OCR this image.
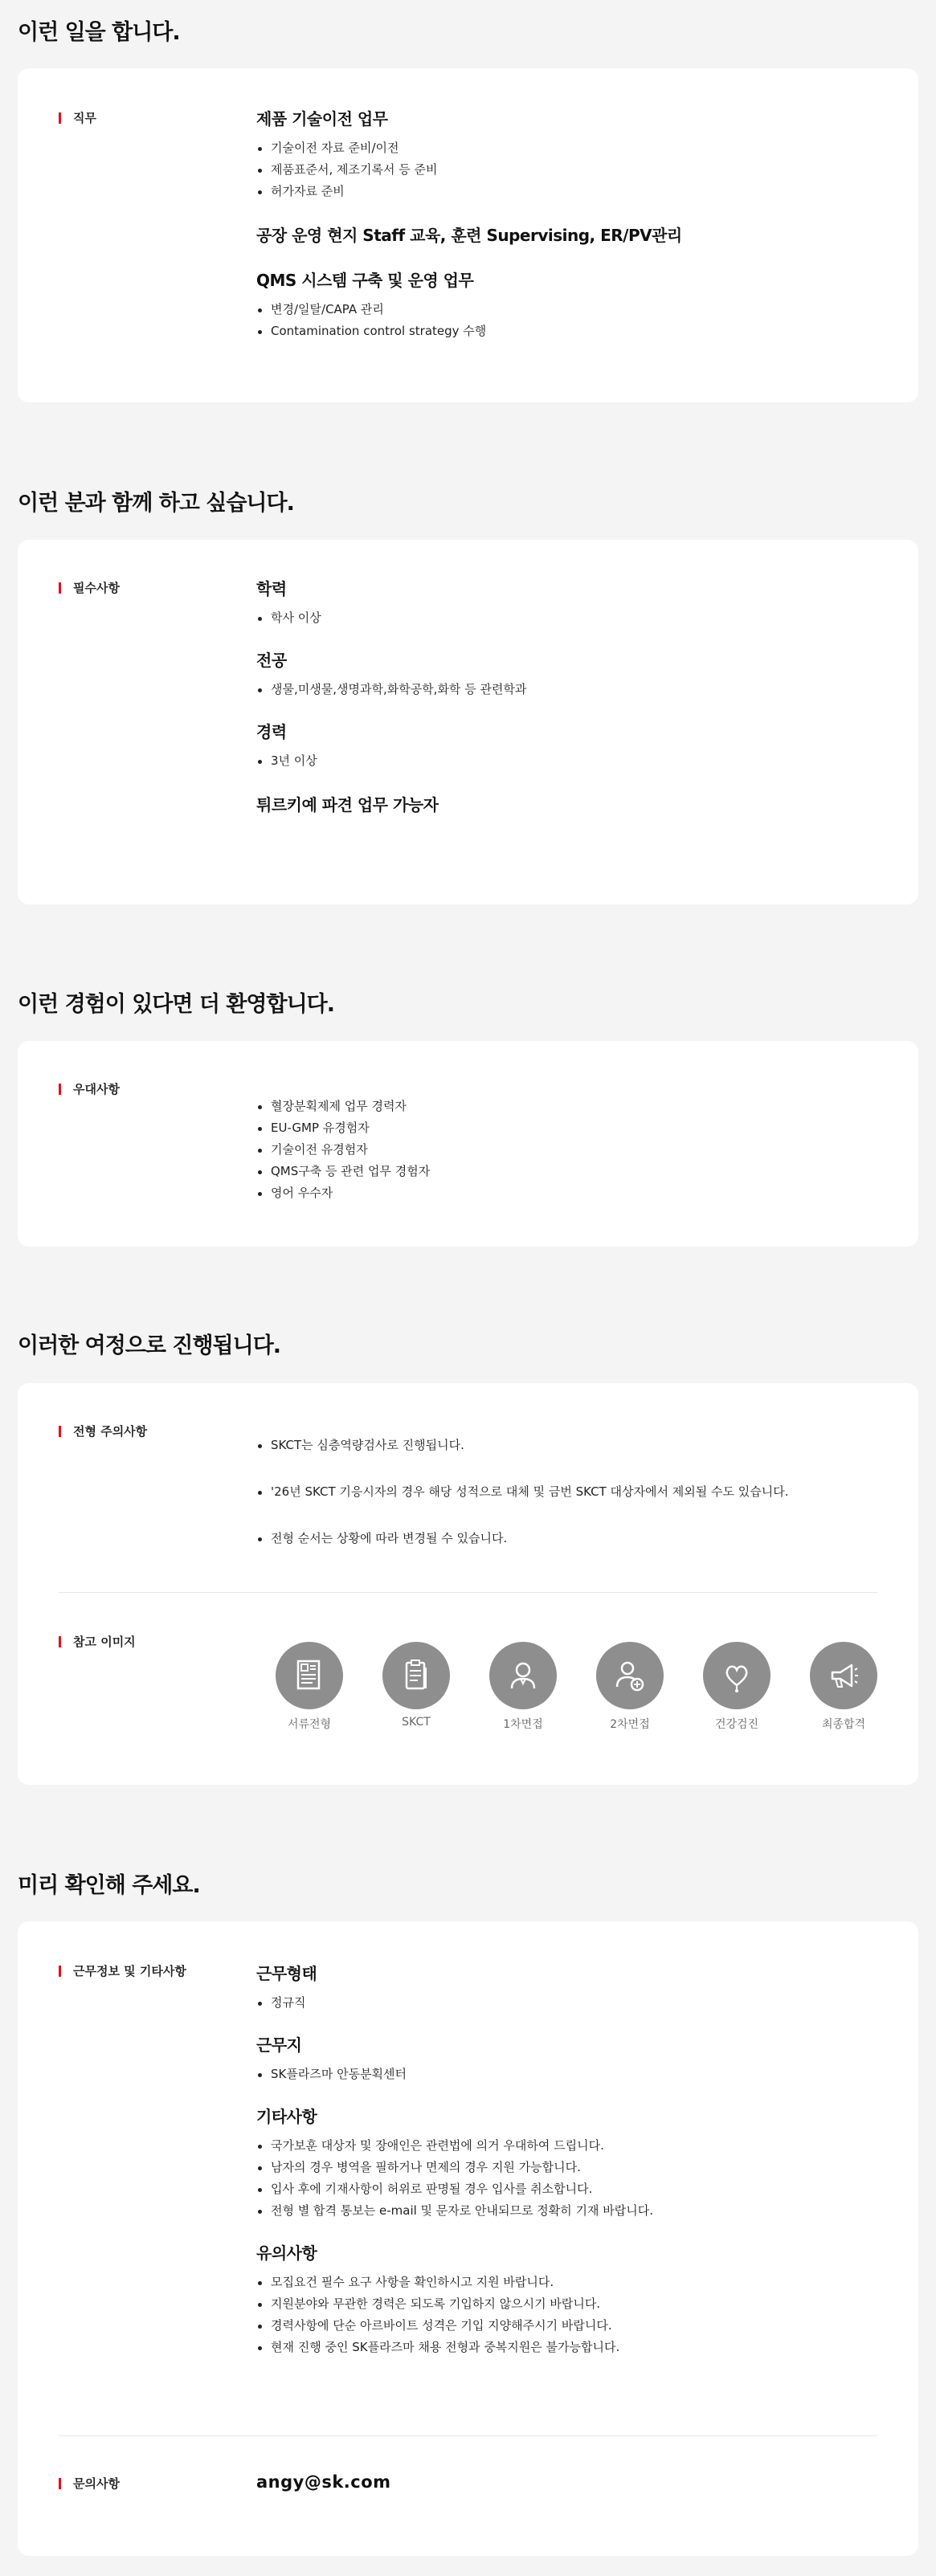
이런 일을 합니다.
직무	제품 기술이전 업무
기술이전 자료 준비/이전
제품표준서, 제조기록서 등 준비
허가자료 준비
공장 운영 현지 Staff 교육, 훈련 Supervising, ER/PV관리
QMS 시스템 구축 및 운영 업무
변경/일탈/CAPA 관리
Contamination control strategy 수행
이런 분과 함께 하고 싶습니다.
필수사항	학력
학사 이상
전공
생물,미생물,생명과학,화학공학,화학 등 관련학과
경력
3년 이상
튀르키예 파견 업무 가능자
이런 경험이 있다면 더 환영합니다.
우대사항
혈장분획제제 업무 경력자
EU-GMP 유경험자
기술이전 유경험자
QMS구축 등 관련 업무 경험자
영어 우수자
이러한 여정으로 진행됩니다.
전형 주의사항
SKCT는 심층역량검사로 진행됩니다.
'26년 SKCT 기응시자의 경우 해당 성적으로 대체 및 금번 SKCT 대상자에서 제외될 수도 있습니다.
전형 순서는 상황에 따라 변경될 수 있습니다.
참고 이미지
서류전형	SKCT	1차면접	2차면접	건강검진	최종합격
미리 확인해 주세요.
근무정보 및 기타사항	근무형태
정규직
근무지
SK플라즈마 안동분획센터
기타사항
국가보훈 대상자 및 장애인은 관련법에 의거 우대하여 드립니다.
남자의 경우 병역을 필하거나 면제의 경우 지원 가능합니다.
입사 후에 기재사항이 허위로 판명될 경우 입사를 취소합니다.
전형 별 합격 통보는 e-mail 및 문자로 안내되므로 정확히 기재 바랍니다.
유의사항
모집요건 필수 요구 사항을 확인하시고 지원 바랍니다.
지원분야와 무관한 경력은 되도록 기입하지 않으시기 바랍니다.
경력사항에 단순 아르바이트 성격은 기입 지양해주시기 바랍니다.
현재 진행 중인 SK플라즈마 채용 전형과 중복지원은 불가능합니다.
문의사항	angy@sk.com
